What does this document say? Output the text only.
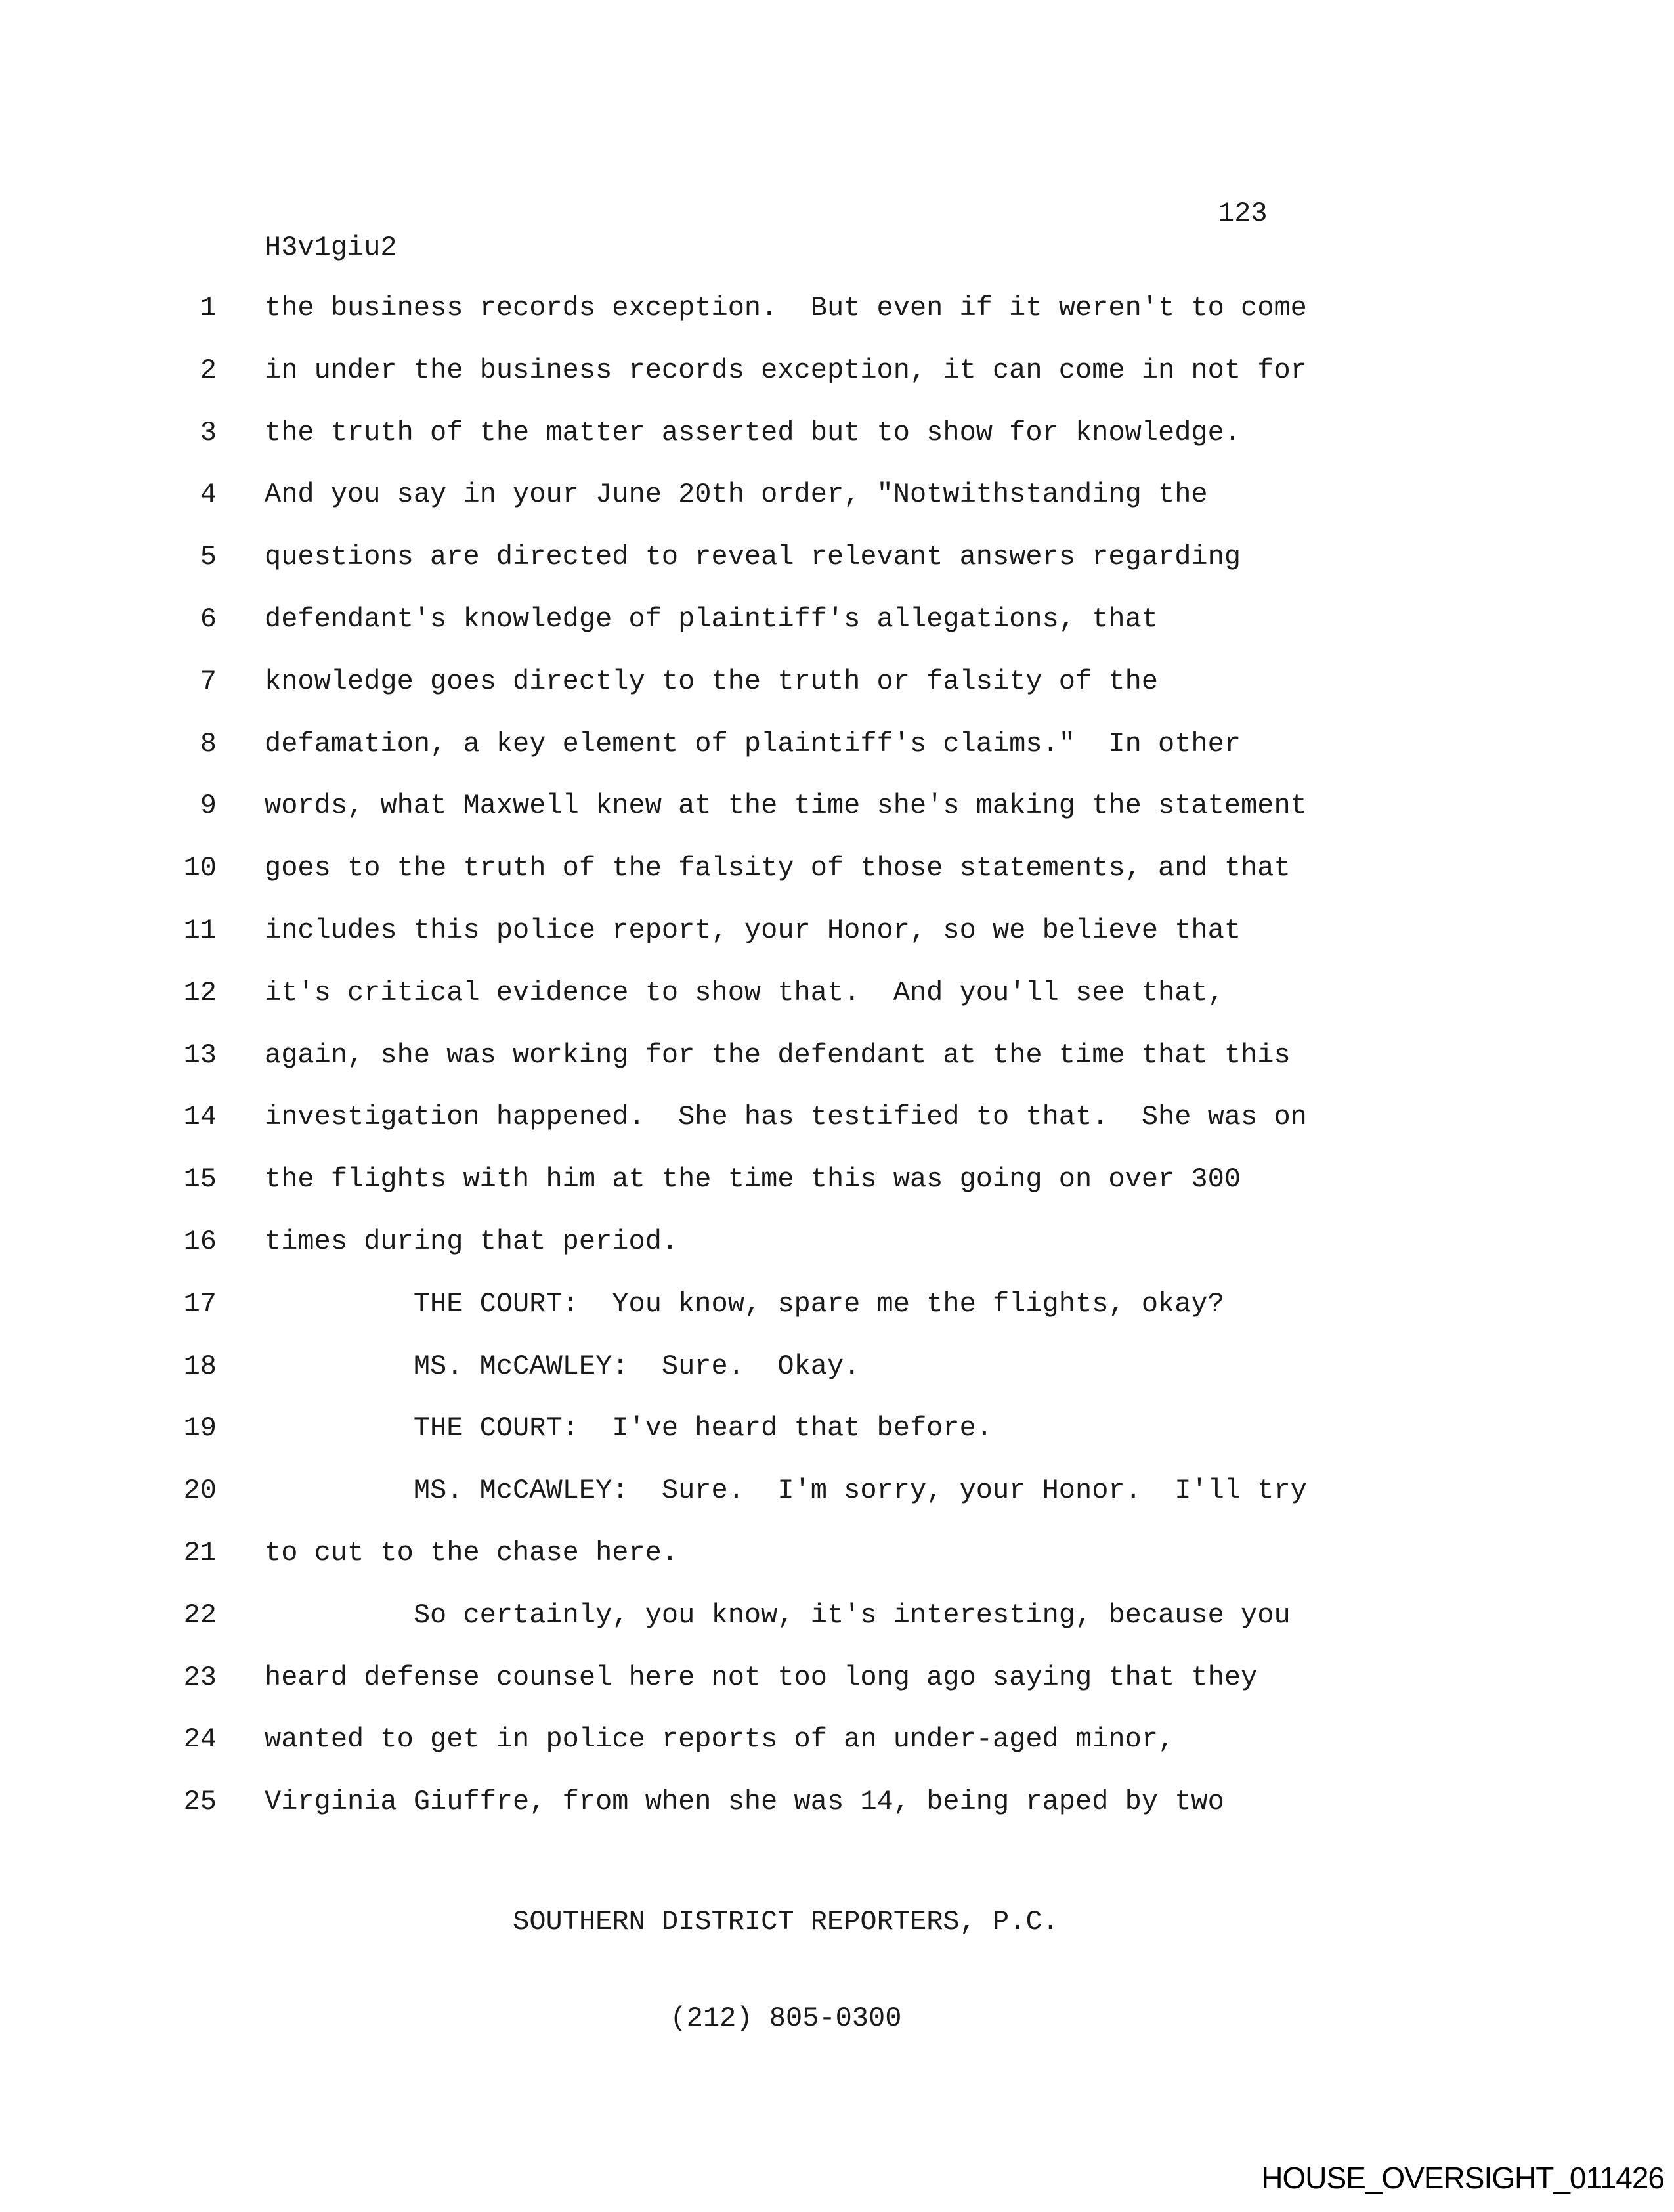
123
H3v1giu2
1	the business records exception.  But even if it weren't to come
2	in under the business records exception, it can come in not for
3	the truth of the matter asserted but to show for knowledge.
4	And you say in your June 20th order, "Notwithstanding the
5	questions are directed to reveal relevant answers regarding
6	defendant's knowledge of plaintiff's allegations, that
7	knowledge goes directly to the truth or falsity of the
8	defamation, a key element of plaintiff's claims."  In other
9	words, what Maxwell knew at the time she's making the statement
10	goes to the truth of the falsity of those statements, and that
11	includes this police report, your Honor, so we believe that
12	it's critical evidence to show that.  And you'll see that,
13	again, she was working for the defendant at the time that this
14	investigation happened.  She has testified to that.  She was on
15	the flights with him at the time this was going on over 300
16	times during that period.
17	THE COURT:  You know, spare me the flights, okay?
18	MS. McCAWLEY:  Sure.  Okay.
19	THE COURT:  I've heard that before.
20	MS. McCAWLEY:  Sure.  I'm sorry, your Honor.  I'll try
21	to cut to the chase here.
22	So certainly, you know, it's interesting, because you
23	heard defense counsel here not too long ago saying that they
24	wanted to get in police reports of an under-aged minor,
25	Virginia Giuffre, from when she was 14, being raped by two

SOUTHERN DISTRICT REPORTERS, P.C.

(212) 805-0300

HOUSE_OVERSIGHT_011426
